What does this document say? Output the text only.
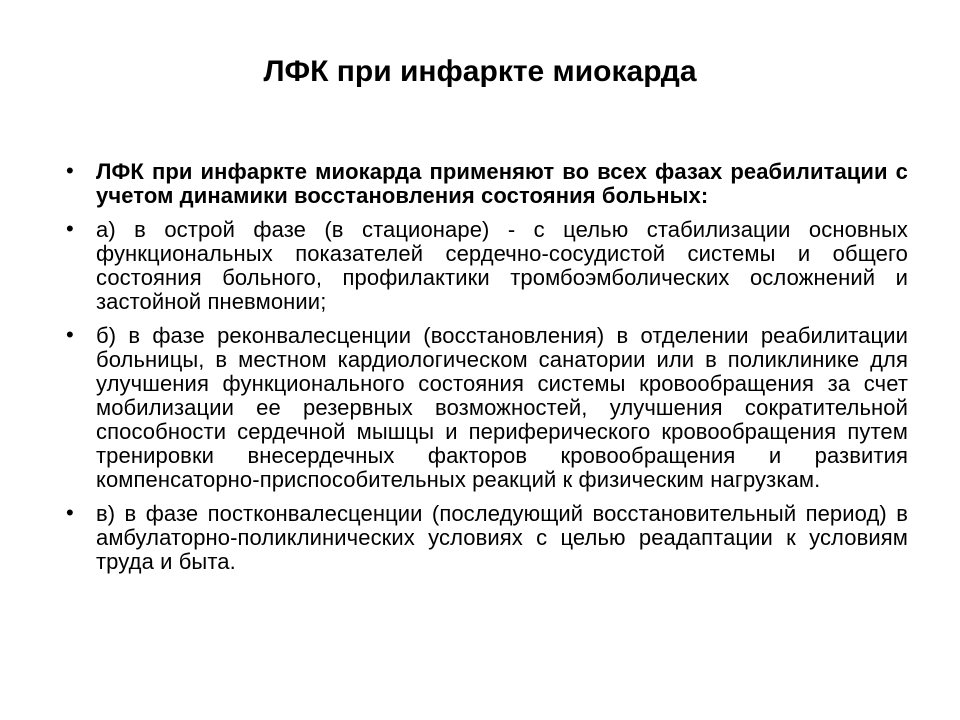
ЛФК при инфаркте миокарда
• ЛФК при инфаркте миокарда применяют во всех фазах реабилитации с учетом динамики восстановления состояния больных:
• а) в острой фазе (в стационаре) - с целью стабилизации основных функциональных показателей сердечно-сосудистой системы и общего состояния больного, профилактики тромбоэмболических осложнений и застойной пневмонии;
• б) в фазе реконвалесценции (восстановления) в отделении реабилитации больницы, в местном кардиологическом санатории или в поликлинике для улучшения функционального состояния системы кровообращения за счет мобилизации ее резервных возможностей, улучшения сократительной способности сердечной мышцы и периферического кровообращения путем тренировки внесердечных факторов кровообращения и развития компенсаторно-приспособительных реакций к физическим нагрузкам.
• в) в фазе постконвалесценции (последующий восстановительный период) в амбулаторно-поликлинических условиях с целью реадаптации к условиям труда и быта.
